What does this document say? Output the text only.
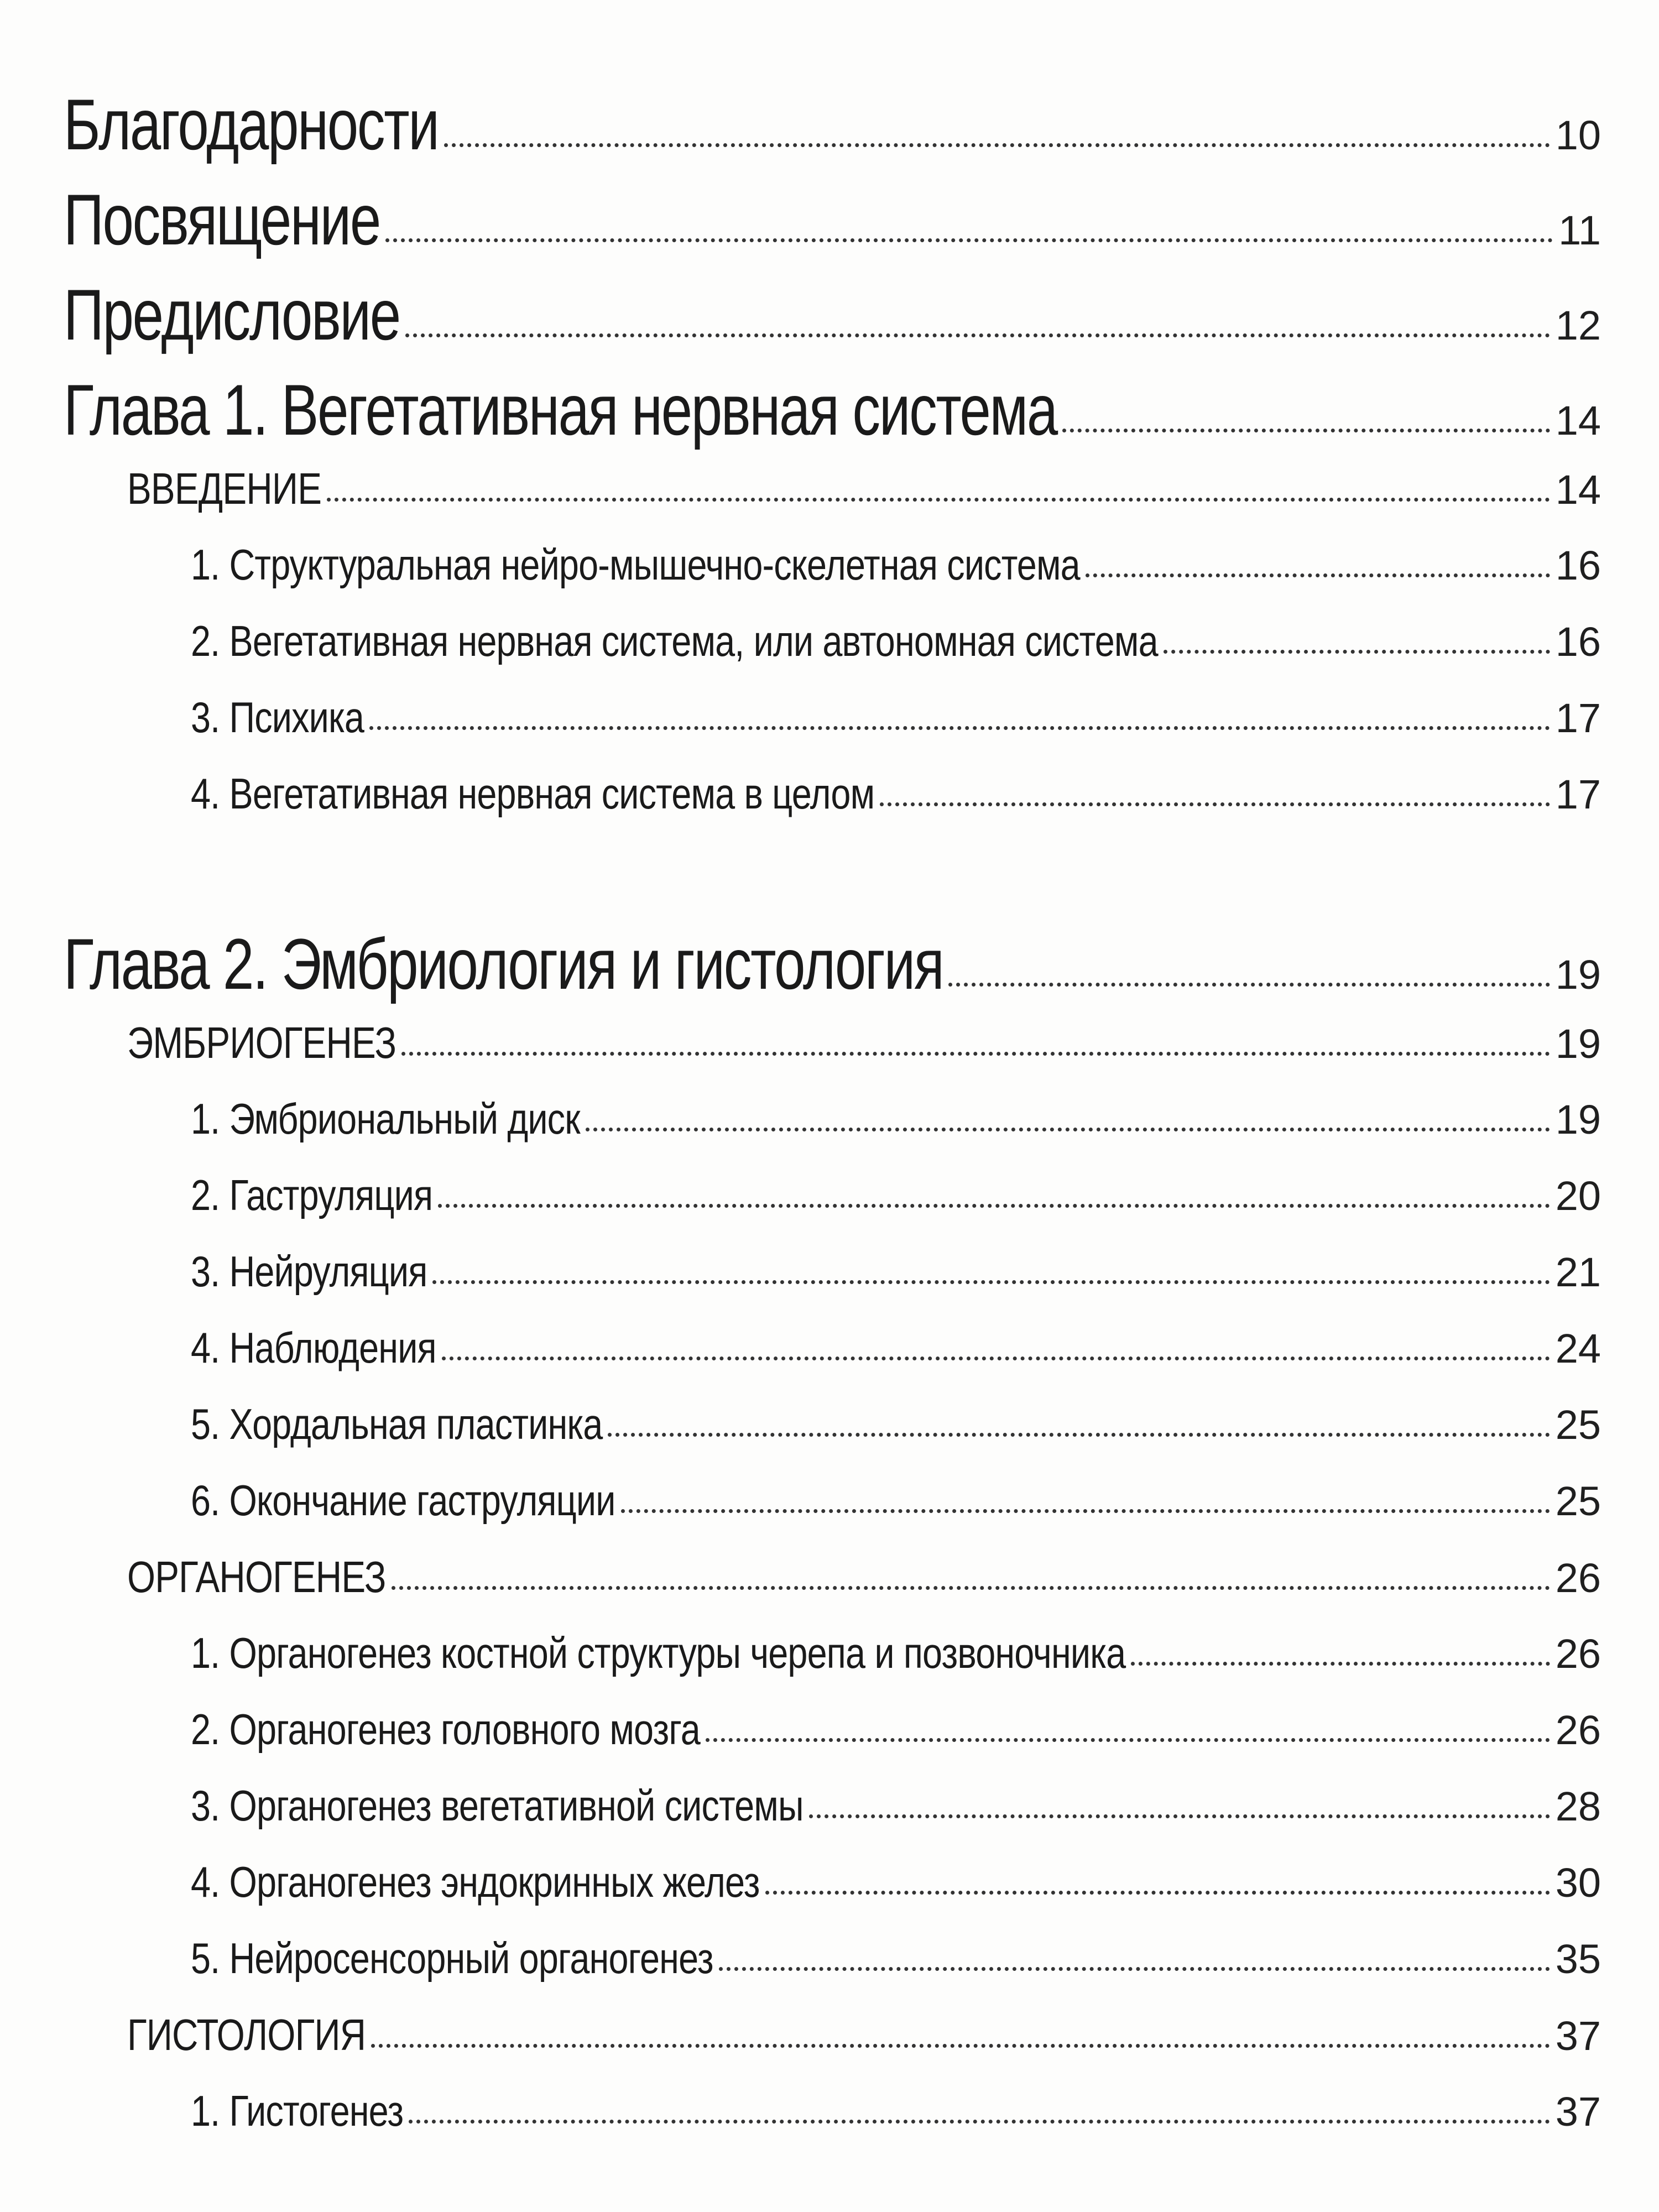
Благодарности	10
Посвящение	11
Предисловие	12
Глава 1. Вегетативная нервная система	14
ВВЕДЕНИЕ	14
1. Структуральная нейро-мышечно-скелетная система	16
2. Вегетативная нервная система, или автономная система	16
3. Психика	17
4. Вегетативная нервная система в целом	17
Глава 2. Эмбриология и гистология	19
ЭМБРИОГЕНЕЗ	19
1. Эмбриональный диск	19
2. Гаструляция	20
3. Нейруляция	21
4. Наблюдения	24
5. Хордальная пластинка	25
6. Окончание гаструляции	25
ОРГАНОГЕНЕЗ	26
1. Органогенез костной структуры черепа и позвоночника	26
2. Органогенез головного мозга	26
3. Органогенез вегетативной системы	28
4. Органогенез эндокринных желез	30
5. Нейросенсорный органогенез	35
ГИСТОЛОГИЯ	37
1. Гистогенез	37
